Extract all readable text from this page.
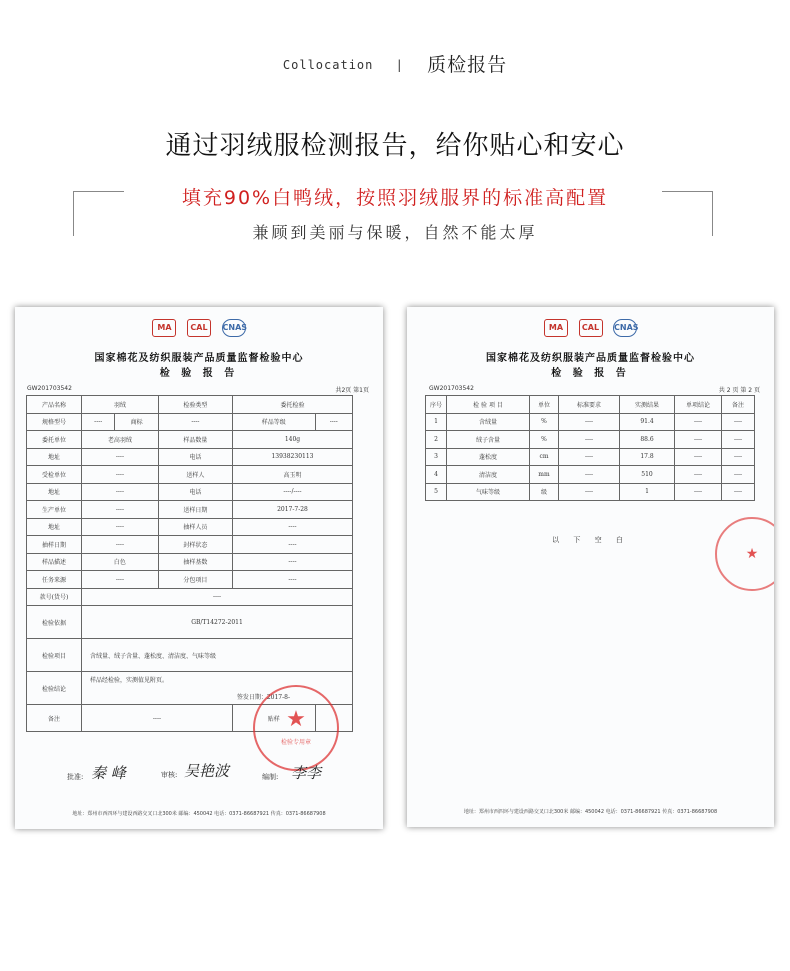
Collocation | 质检报告
通过羽绒服检测报告，给你贴心和安心
填充90%白鸭绒，按照羽绒服界的标准高配置
兼顾到美丽与保暖，自然不能太厚
MA CAL CNAS
国家棉花及纺织服装产品质量监督检验中心
检 验 报 告
GW201703542	共2页 第1页
产品名称	羽绒		检验类型	委托检验	
规格型号	----	商标	----	样品等级	----
委托单位	老高羽绒		样品数量	140g	
地址	----		电话	13938230113	
受检单位	----		送样人	高玉明	
地址	----		电话	----/----	
生产单位	----		送样日期	2017-7-28	
地址	----		抽样人员	----	
抽样日期	----		封样状态	----	
样品描述	白色		抽样基数	----	
任务来源	----		分包项目	----	
款号(货号)	----				
检验依据	GB/T14272-2011				
检验项目	含绒量、绒子含量、蓬松度、清洁度、气味等级				
检验结论	样品经检验，实测值见附页。
签发日期：2017-8-				

备注	----			贴样	★
检验专用章
批准: 秦 峰	审核: 吴艳波	编制: 李李
地址：郑州市西四环与建设西路交叉口北300米 邮编：450042 电话：0371-86687921 传真：0371-86687908
MA CAL CNAS
国家棉花及纺织服装产品质量监督检验中心
检 验 报 告
GW201703542	共 2 页 第 2 页
序号	检 验 项 目	单位	标准要求	实测结果	单项结论	备注
1	含绒量	%	----	91.4	----	----
2	绒子含量	%	----	88.6	----	----
3	蓬松度	cm	----	17.8	----	----
4	清洁度	mm	----	510	----	----
5	气味等级	级	----	1	----	----
以 下 空 白
★
地址：郑州市西四环与建设西路交叉口北300米 邮编：450042 电话：0371-86687921 传真：0371-86687908
